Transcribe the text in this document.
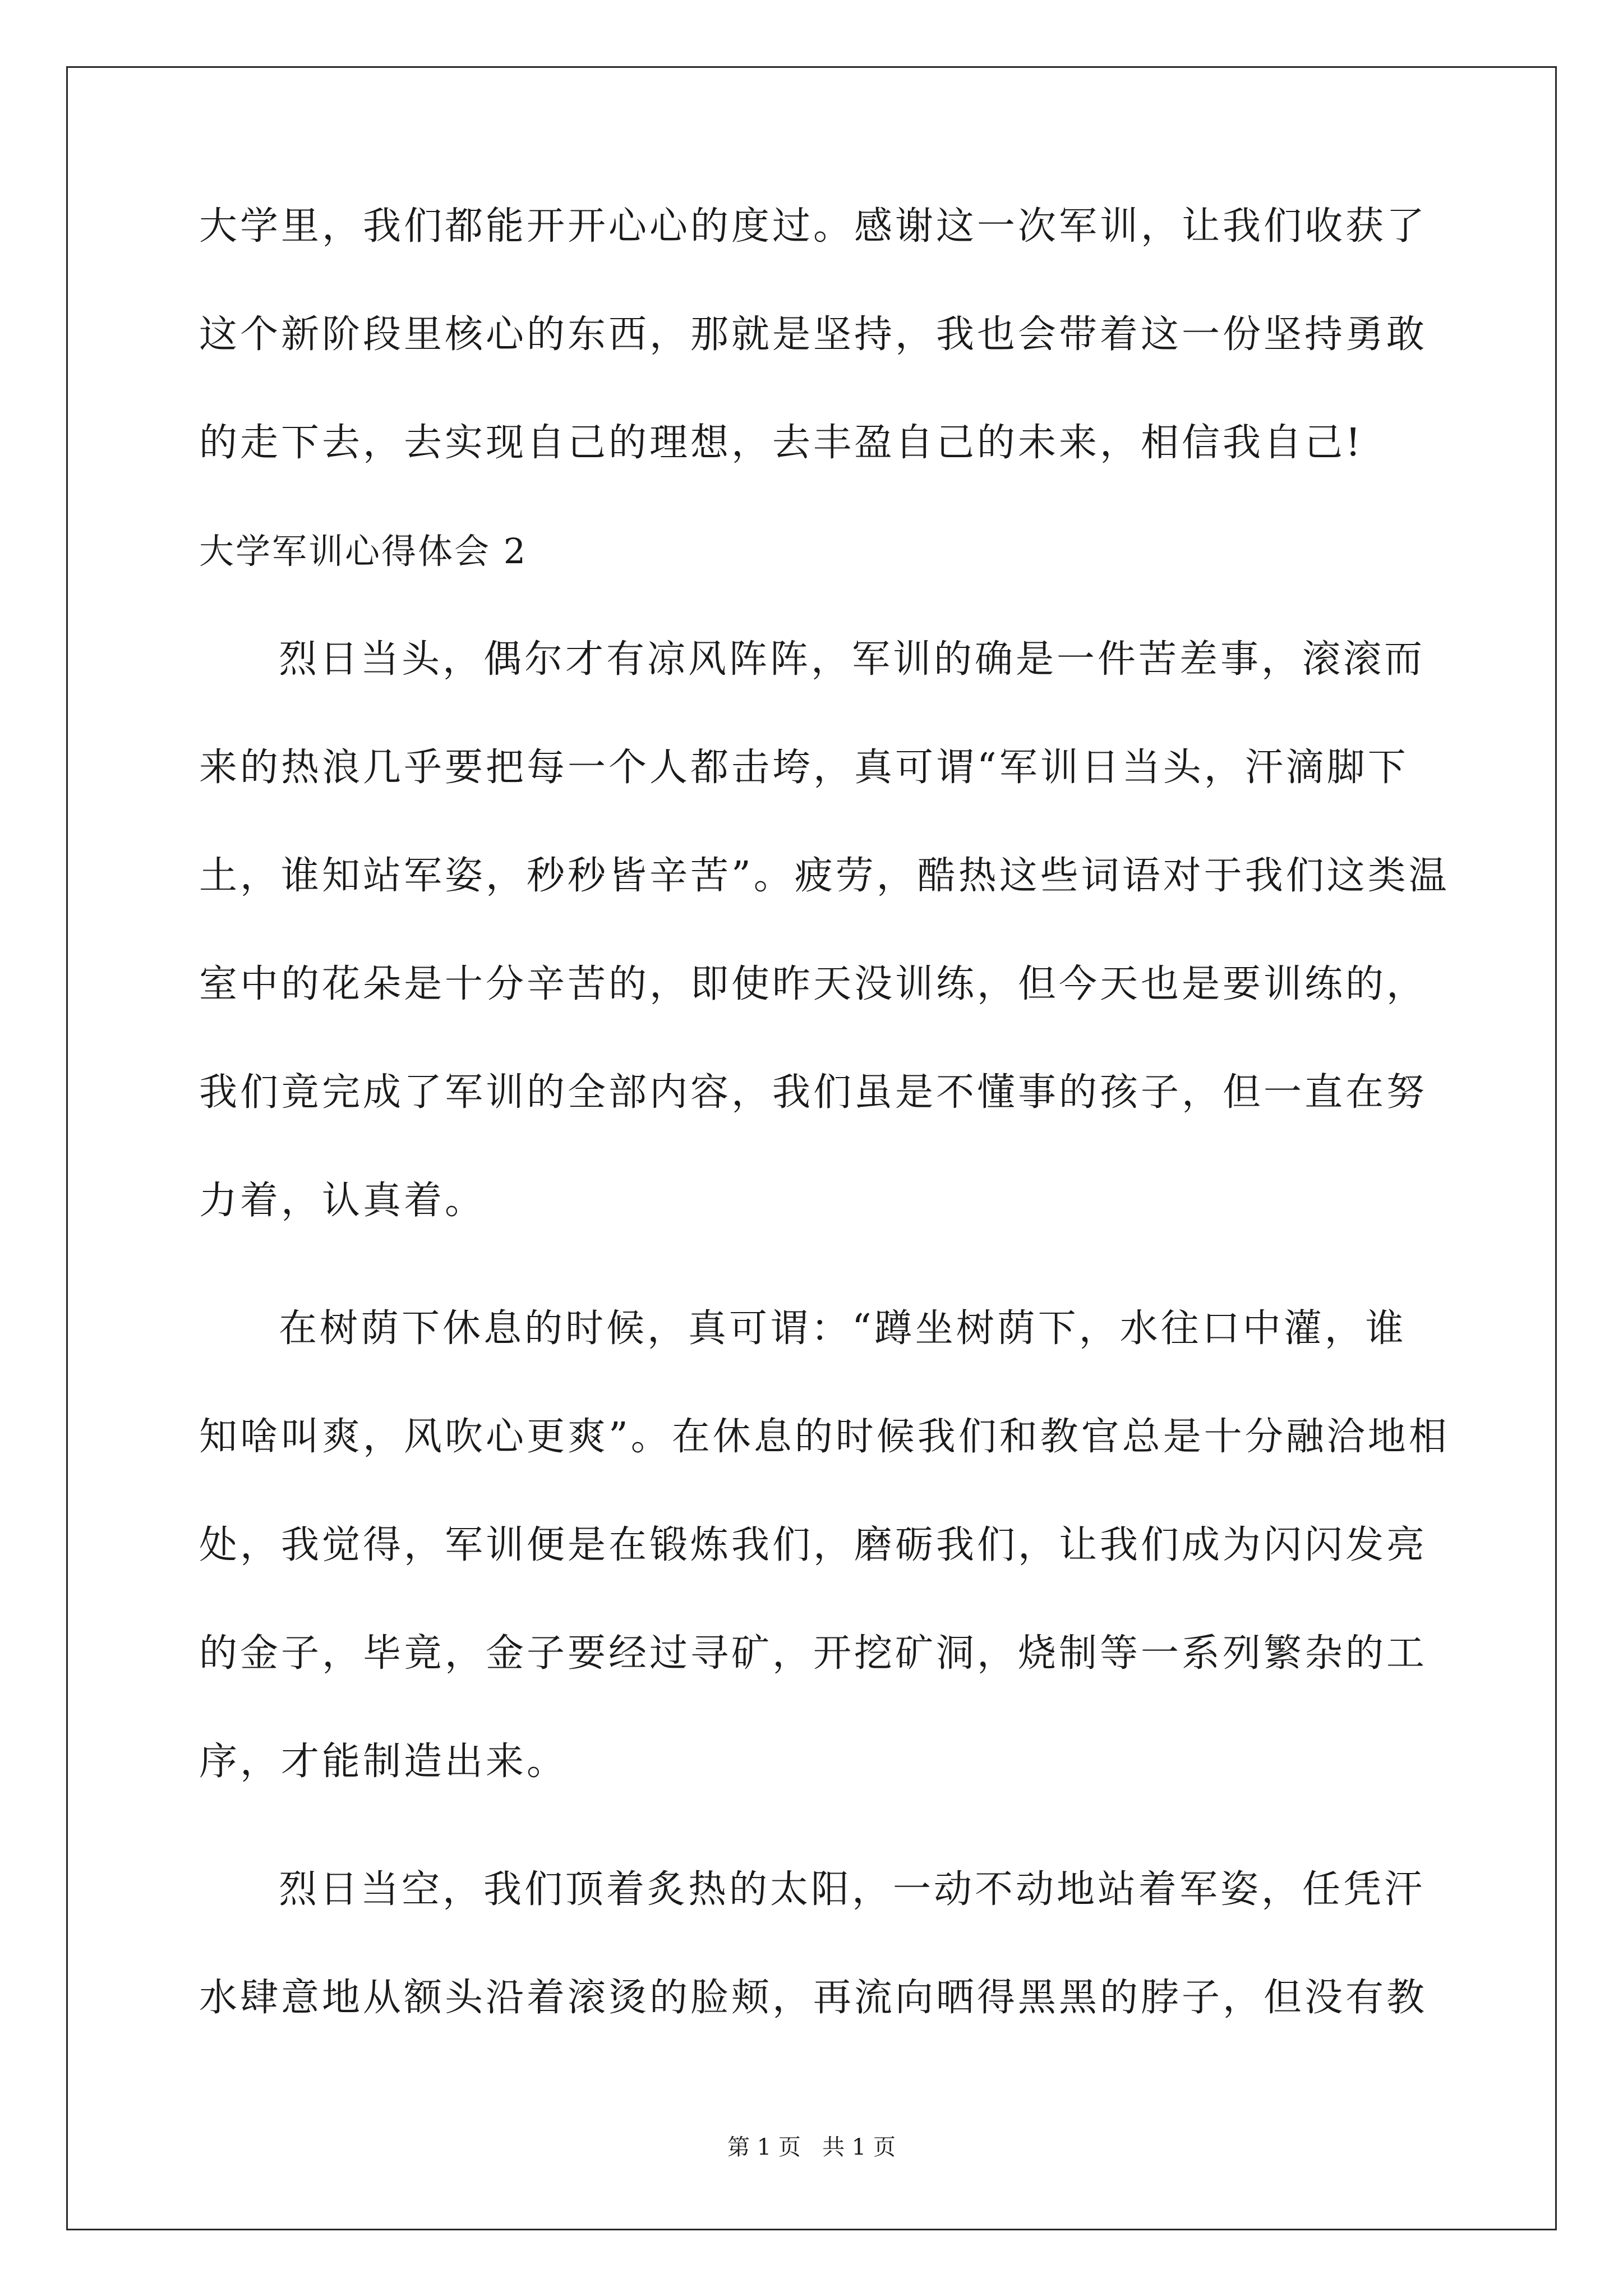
大学里，我们都能开开心心的度过。感谢这一次军训，让我们收获了

这个新阶段里核心的东西，那就是坚持，我也会带着这一份坚持勇敢

的走下去，去实现自己的理想，去丰盈自己的未来，相信我自己!

大学军训心得体会 2

烈日当头，偶尔才有凉风阵阵，军训的确是一件苦差事，滚滚而

来的热浪几乎要把每一个人都击垮，真可谓“军训日当头，汗滴脚下

土，谁知站军姿，秒秒皆辛苦”。疲劳，酷热这些词语对于我们这类温

室中的花朵是十分辛苦的，即使昨天没训练，但今天也是要训练的，

我们竟完成了军训的全部内容，我们虽是不懂事的孩子，但一直在努

力着，认真着。

在树荫下休息的时候，真可谓：“蹲坐树荫下，水往口中灌，谁

知啥叫爽，风吹心更爽”。在休息的时候我们和教官总是十分融洽地相

处，我觉得，军训便是在锻炼我们，磨砺我们，让我们成为闪闪发亮

的金子，毕竟，金子要经过寻矿，开挖矿洞，烧制等一系列繁杂的工

序，才能制造出来。

烈日当空，我们顶着炙热的太阳，一动不动地站着军姿，任凭汗

水肆意地从额头沿着滚烫的脸颊，再流向晒得黑黑的脖子，但没有教

第 1 页   共 1 页
